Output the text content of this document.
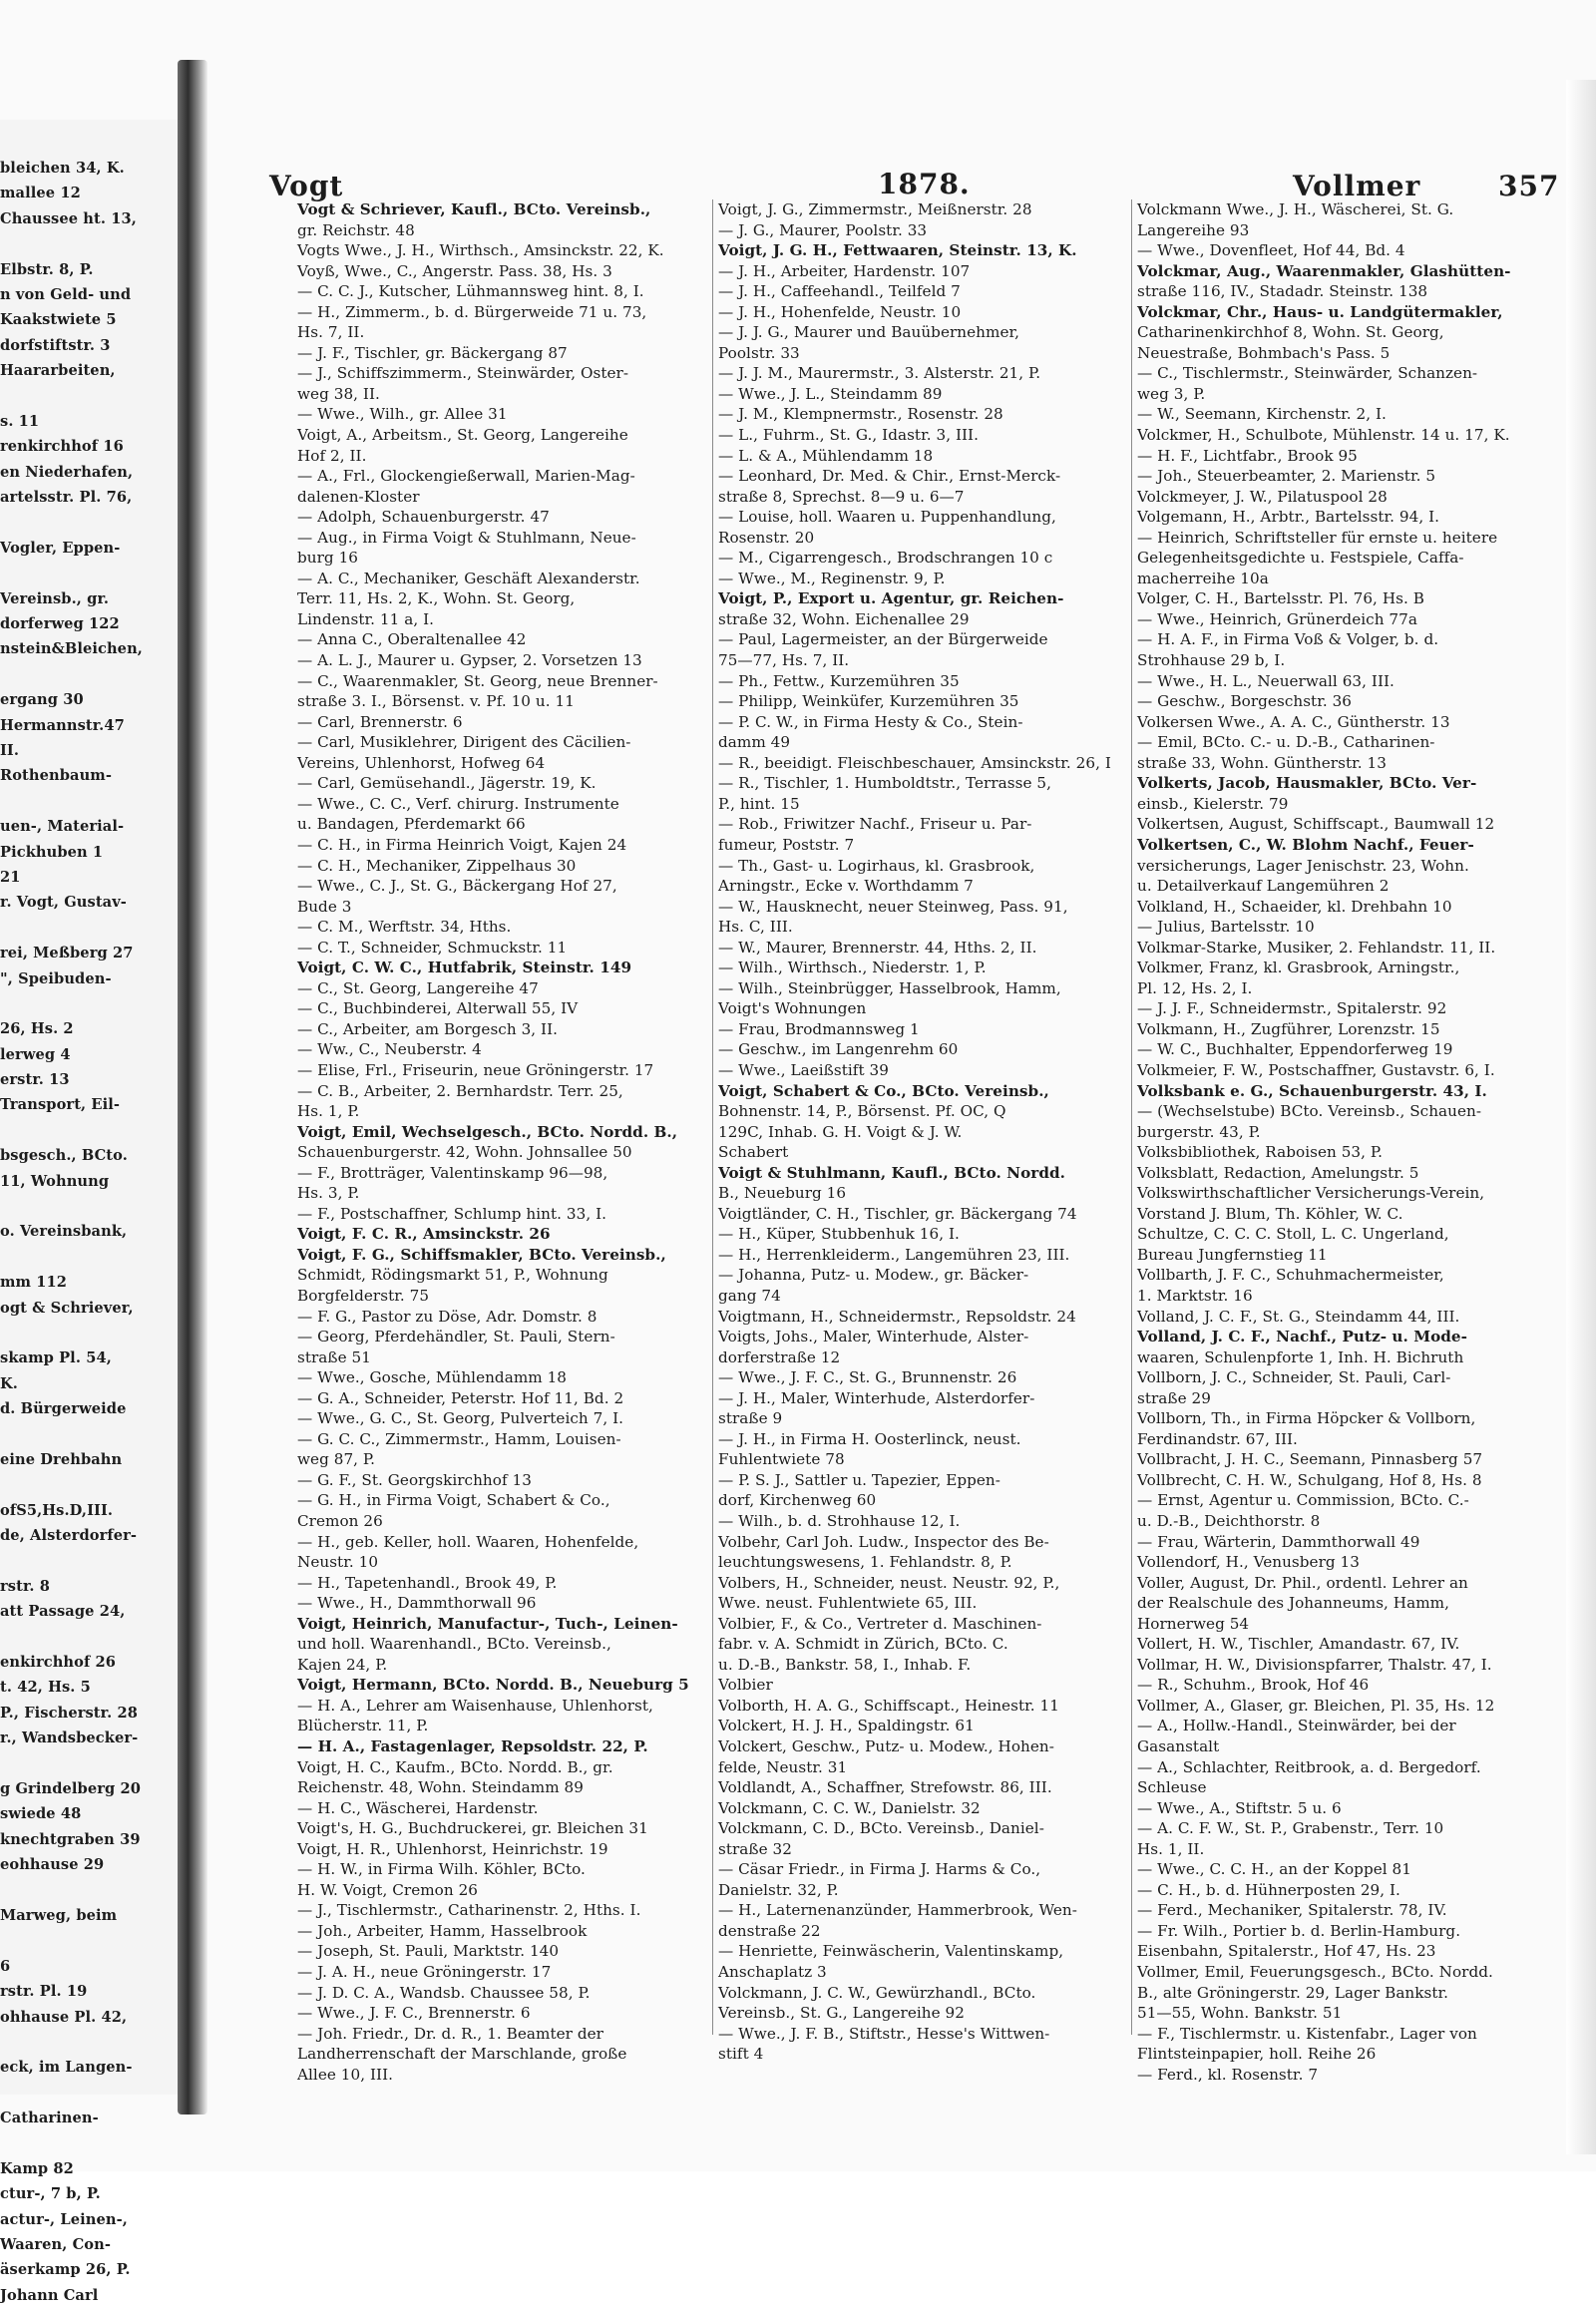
bleichen 34, K.
mallee 12
Chaussee ht. 13,
Elbstr. 8, P.
n von Geld- und
Kaakstwiete 5
dorfstiftstr. 3
Haararbeiten,
s. 11
renkirchhof 16
en Niederhafen,
artelsstr. Pl. 76,
Vogler, Eppen-
Vereinsb., gr.
dorferweg 122
nstein&Bleichen,
ergang 30
Hermannstr.47
II.
Rothenbaum-
uen-, Material-
Pickhuben 1
21
r. Vogt, Gustav-
rei, Meßberg 27
", Speibuden-
26, Hs. 2
lerweg 4
erstr. 13
Transport, Eil-
bsgesch., BCto.
11, Wohnung
o. Vereinsbank,
mm 112
ogt & Schriever,
skamp Pl. 54,
K.
d. Bürgerweide
eine Drehbahn
ofS5,Hs.D,III.
de, Alsterdorfer-
rstr. 8
att Passage 24,
enkirchhof 26
t. 42, Hs. 5
P., Fischerstr. 28
r., Wandsbecker-
g Grindelberg 20
swiede 48
knechtgraben 39
eohhause 29
Marweg, beim
6
rstr. Pl. 19
ohhause Pl. 42,
eck, im Langen-
Catharinen-
Kamp 82
ctur-, 7 b, P.
actur-, Leinen-,
Waaren, Con-
äserkamp 26, P.
Johann Carl
Vogt	1878.	Vollmer	357
Vogt & Schriever, Kaufl., BCto. Vereinsb.,
gr. Reichstr. 48
Vogts Wwe., J. H., Wirthsch., Amsinckstr. 22, K.
Voyß, Wwe., C., Angerstr. Pass. 38, Hs. 3
— C. C. J., Kutscher, Lühmannsweg hint. 8, I.
— H., Zimmerm., b. d. Bürgerweide 71 u. 73,
Hs. 7, II.
— J. F., Tischler, gr. Bäckergang 87
— J., Schiffszimmerm., Steinwärder, Oster-
weg 38, II.
— Wwe., Wilh., gr. Allee 31
Voigt, A., Arbeitsm., St. Georg, Langereihe
Hof 2, II.
— A., Frl., Glockengießerwall, Marien-Mag-
dalenen-Kloster
— Adolph, Schauenburgerstr. 47
— Aug., in Firma Voigt & Stuhlmann, Neue-
burg 16
— A. C., Mechaniker, Geschäft Alexanderstr.
Terr. 11, Hs. 2, K., Wohn. St. Georg,
Lindenstr. 11 a, I.
— Anna C., Oberaltenallee 42
— A. L. J., Maurer u. Gypser, 2. Vorsetzen 13
— C., Waarenmakler, St. Georg, neue Brenner-
straße 3. I., Börsenst. v. Pf. 10 u. 11
— Carl, Brennerstr. 6
— Carl, Musiklehrer, Dirigent des Cäcilien-
Vereins, Uhlenhorst, Hofweg 64
— Carl, Gemüsehandl., Jägerstr. 19, K.
— Wwe., C. C., Verf. chirurg. Instrumente
u. Bandagen, Pferdemarkt 66
— C. H., in Firma Heinrich Voigt, Kajen 24
— C. H., Mechaniker, Zippelhaus 30
— Wwe., C. J., St. G., Bäckergang Hof 27,
Bude 3
— C. M., Werftstr. 34, Hths.
— C. T., Schneider, Schmuckstr. 11
Voigt, C. W. C., Hutfabrik, Steinstr. 149
— C., St. Georg, Langereihe 47
— C., Buchbinderei, Alterwall 55, IV
— C., Arbeiter, am Borgesch 3, II.
— Ww., C., Neuberstr. 4
— Elise, Frl., Friseurin, neue Gröningerstr. 17
— C. B., Arbeiter, 2. Bernhardstr. Terr. 25,
Hs. 1, P.
Voigt, Emil, Wechselgesch., BCto. Nordd. B.,
Schauenburgerstr. 42, Wohn. Johnsallee 50
— F., Brotträger, Valentinskamp 96—98,
Hs. 3, P.
— F., Postschaffner, Schlump hint. 33, I.
Voigt, F. C. R., Amsinckstr. 26
Voigt, F. G., Schiffsmakler, BCto. Vereinsb.,
Schmidt, Rödingsmarkt 51, P., Wohnung
Borgfelderstr. 75
— F. G., Pastor zu Döse, Adr. Domstr. 8
— Georg, Pferdehändler, St. Pauli, Stern-
straße 51
— Wwe., Gosche, Mühlendamm 18
— G. A., Schneider, Peterstr. Hof 11, Bd. 2
— Wwe., G. C., St. Georg, Pulverteich 7, I.
— G. C. C., Zimmermstr., Hamm, Louisen-
weg 87, P.
— G. F., St. Georgskirchhof 13
— G. H., in Firma Voigt, Schabert & Co.,
Cremon 26
— H., geb. Keller, holl. Waaren, Hohenfelde,
Neustr. 10
— H., Tapetenhandl., Brook 49, P.
— Wwe., H., Dammthorwall 96
Voigt, Heinrich, Manufactur-, Tuch-, Leinen-
und holl. Waarenhandl., BCto. Vereinsb.,
Kajen 24, P.
Voigt, Hermann, BCto. Nordd. B., Neueburg 5
— H. A., Lehrer am Waisenhause, Uhlenhorst,
Blücherstr. 11, P.
— H. A., Fastagenlager, Repsoldstr. 22, P.
Voigt, H. C., Kaufm., BCto. Nordd. B., gr.
Reichenstr. 48, Wohn. Steindamm 89
— H. C., Wäscherei, Hardenstr.
Voigt's, H. G., Buchdruckerei, gr. Bleichen 31
Voigt, H. R., Uhlenhorst, Heinrichstr. 19
— H. W., in Firma Wilh. Köhler, BCto.
H. W. Voigt, Cremon 26
— J., Tischlermstr., Catharinenstr. 2, Hths. I.
— Joh., Arbeiter, Hamm, Hasselbrook
— Joseph, St. Pauli, Marktstr. 140
— J. A. H., neue Gröningerstr. 17
— J. D. C. A., Wandsb. Chaussee 58, P.
— Wwe., J. F. C., Brennerstr. 6
— Joh. Friedr., Dr. d. R., 1. Beamter der
Landherrenschaft der Marschlande, große
Allee 10, III.
Voigt, J. G., Zimmermstr., Meißnerstr. 28
— J. G., Maurer, Poolstr. 33
Voigt, J. G. H., Fettwaaren, Steinstr. 13, K.
— J. H., Arbeiter, Hardenstr. 107
— J. H., Caffeehandl., Teilfeld 7
— J. H., Hohenfelde, Neustr. 10
— J. J. G., Maurer und Bauübernehmer,
Poolstr. 33
— J. J. M., Maurermstr., 3. Alsterstr. 21, P.
— Wwe., J. L., Steindamm 89
— J. M., Klempnermstr., Rosenstr. 28
— L., Fuhrm., St. G., Idastr. 3, III.
— L. & A., Mühlendamm 18
— Leonhard, Dr. Med. & Chir., Ernst-Merck-
straße 8, Sprechst. 8—9 u. 6—7
— Louise, holl. Waaren u. Puppenhandlung,
Rosenstr. 20
— M., Cigarrengesch., Brodschrangen 10 c
— Wwe., M., Reginenstr. 9, P.
Voigt, P., Export u. Agentur, gr. Reichen-
straße 32, Wohn. Eichenallee 29
— Paul, Lagermeister, an der Bürgerweide
75—77, Hs. 7, II.
— Ph., Fettw., Kurzemühren 35
— Philipp, Weinküfer, Kurzemühren 35
— P. C. W., in Firma Hesty & Co., Stein-
damm 49
— R., beeidigt. Fleischbeschauer, Amsinckstr. 26, I
— R., Tischler, 1. Humboldtstr., Terrasse 5,
P., hint. 15
— Rob., Friwitzer Nachf., Friseur u. Par-
fumeur, Poststr. 7
— Th., Gast- u. Logirhaus, kl. Grasbrook,
Arningstr., Ecke v. Worthdamm 7
— W., Hausknecht, neuer Steinweg, Pass. 91,
Hs. C, III.
— W., Maurer, Brennerstr. 44, Hths. 2, II.
— Wilh., Wirthsch., Niederstr. 1, P.
— Wilh., Steinbrügger, Hasselbrook, Hamm,
Voigt's Wohnungen
— Frau, Brodmannsweg 1
— Geschw., im Langenrehm 60
— Wwe., Laeißstift 39
Voigt, Schabert & Co., BCto. Vereinsb.,
Bohnenstr. 14, P., Börsenst. Pf. OC, Q
129C, Inhab. G. H. Voigt & J. W.
Schabert
Voigt & Stuhlmann, Kaufl., BCto. Nordd.
B., Neueburg 16
Voigtländer, C. H., Tischler, gr. Bäckergang 74
— H., Küper, Stubbenhuk 16, I.
— H., Herrenkleiderm., Langemühren 23, III.
— Johanna, Putz- u. Modew., gr. Bäcker-
gang 74
Voigtmann, H., Schneidermstr., Repsoldstr. 24
Voigts, Johs., Maler, Winterhude, Alster-
dorferstraße 12
— Wwe., J. F. C., St. G., Brunnenstr. 26
— J. H., Maler, Winterhude, Alsterdorfer-
straße 9
— J. H., in Firma H. Oosterlinck, neust.
Fuhlentwiete 78
— P. S. J., Sattler u. Tapezier, Eppen-
dorf, Kirchenweg 60
— Wilh., b. d. Strohhause 12, I.
Volbehr, Carl Joh. Ludw., Inspector des Be-
leuchtungswesens, 1. Fehlandstr. 8, P.
Volbers, H., Schneider, neust. Neustr. 92, P.,
Wwe. neust. Fuhlentwiete 65, III.
Volbier, F., & Co., Vertreter d. Maschinen-
fabr. v. A. Schmidt in Zürich, BCto. C.
u. D.-B., Bankstr. 58, I., Inhab. F.
Volbier
Volborth, H. A. G., Schiffscapt., Heinestr. 11
Volckert, H. J. H., Spaldingstr. 61
Volckert, Geschw., Putz- u. Modew., Hohen-
felde, Neustr. 31
Voldlandt, A., Schaffner, Strefowstr. 86, III.
Volckmann, C. C. W., Danielstr. 32
Volckmann, C. D., BCto. Vereinsb., Daniel-
straße 32
— Cäsar Friedr., in Firma J. Harms & Co.,
Danielstr. 32, P.
— H., Laternenanzünder, Hammerbrook, Wen-
denstraße 22
— Henriette, Feinwäscherin, Valentinskamp,
Anschaplatz 3
Volckmann, J. C. W., Gewürzhandl., BCto.
Vereinsb., St. G., Langereihe 92
— Wwe., J. F. B., Stiftstr., Hesse's Wittwen-
stift 4
Volckmann Wwe., J. H., Wäscherei, St. G.
Langereihe 93
— Wwe., Dovenfleet, Hof 44, Bd. 4
Volckmar, Aug., Waarenmakler, Glashütten-
straße 116, IV., Stadadr. Steinstr. 138
Volckmar, Chr., Haus- u. Landgütermakler,
Catharinenkirchhof 8, Wohn. St. Georg,
Neuestraße, Bohmbach's Pass. 5
— C., Tischlermstr., Steinwärder, Schanzen-
weg 3, P.
— W., Seemann, Kirchenstr. 2, I.
Volckmer, H., Schulbote, Mühlenstr. 14 u. 17, K.
— H. F., Lichtfabr., Brook 95
— Joh., Steuerbeamter, 2. Marienstr. 5
Volckmeyer, J. W., Pilatuspool 28
Volgemann, H., Arbtr., Bartelsstr. 94, I.
— Heinrich, Schriftsteller für ernste u. heitere
Gelegenheitsgedichte u. Festspiele, Caffa-
macherreihe 10a
Volger, C. H., Bartelsstr. Pl. 76, Hs. B
— Wwe., Heinrich, Grünerdeich 77a
— H. A. F., in Firma Voß & Volger, b. d.
Strohhause 29 b, I.
— Wwe., H. L., Neuerwall 63, III.
— Geschw., Borgeschstr. 36
Volkersen Wwe., A. A. C., Güntherstr. 13
— Emil, BCto. C.- u. D.-B., Catharinen-
straße 33, Wohn. Güntherstr. 13
Volkerts, Jacob, Hausmakler, BCto. Ver-
einsb., Kielerstr. 79
Volkertsen, August, Schiffscapt., Baumwall 12
Volkertsen, C., W. Blohm Nachf., Feuer-
versicherungs, Lager Jenischstr. 23, Wohn.
u. Detailverkauf Langemühren 2
Volkland, H., Schaeider, kl. Drehbahn 10
— Julius, Bartelsstr. 10
Volkmar-Starke, Musiker, 2. Fehlandstr. 11, II.
Volkmer, Franz, kl. Grasbrook, Arningstr.,
Pl. 12, Hs. 2, I.
— J. J. F., Schneidermstr., Spitalerstr. 92
Volkmann, H., Zugführer, Lorenzstr. 15
— W. C., Buchhalter, Eppendorferweg 19
Volkmeier, F. W., Postschaffner, Gustavstr. 6, I.
Volksbank e. G., Schauenburgerstr. 43, I.
— (Wechselstube) BCto. Vereinsb., Schauen-
burgerstr. 43, P.
Volksbibliothek, Raboisen 53, P.
Volksblatt, Redaction, Amelungstr. 5
Volkswirthschaftlicher Versicherungs-Verein,
Vorstand J. Blum, Th. Köhler, W. C.
Schultze, C. C. C. Stoll, L. C. Ungerland,
Bureau Jungfernstieg 11
Vollbarth, J. F. C., Schuhmachermeister,
1. Marktstr. 16
Volland, J. C. F., St. G., Steindamm 44, III.
Volland, J. C. F., Nachf., Putz- u. Mode-
waaren, Schulenpforte 1, Inh. H. Bichruth
Vollborn, J. C., Schneider, St. Pauli, Carl-
straße 29
Vollborn, Th., in Firma Höpcker & Vollborn,
Ferdinandstr. 67, III.
Vollbracht, J. H. C., Seemann, Pinnasberg 57
Vollbrecht, C. H. W., Schulgang, Hof 8, Hs. 8
— Ernst, Agentur u. Commission, BCto. C.-
u. D.-B., Deichthorstr. 8
— Frau, Wärterin, Dammthorwall 49
Vollendorf, H., Venusberg 13
Voller, August, Dr. Phil., ordentl. Lehrer an
der Realschule des Johanneums, Hamm,
Hornerweg 54
Vollert, H. W., Tischler, Amandastr. 67, IV.
Vollmar, H. W., Divisionspfarrer, Thalstr. 47, I.
— R., Schuhm., Brook, Hof 46
Vollmer, A., Glaser, gr. Bleichen, Pl. 35, Hs. 12
— A., Hollw.-Handl., Steinwärder, bei der
Gasanstalt
— A., Schlachter, Reitbrook, a. d. Bergedorf.
Schleuse
— Wwe., A., Stiftstr. 5 u. 6
— A. C. F. W., St. P., Grabenstr., Terr. 10
Hs. 1, II.
— Wwe., C. C. H., an der Koppel 81
— C. H., b. d. Hühnerposten 29, I.
— Ferd., Mechaniker, Spitalerstr. 78, IV.
— Fr. Wilh., Portier b. d. Berlin-Hamburg.
Eisenbahn, Spitalerstr., Hof 47, Hs. 23
Vollmer, Emil, Feuerungsgesch., BCto. Nordd.
B., alte Gröningerstr. 29, Lager Bankstr.
51—55, Wohn. Bankstr. 51
— F., Tischlermstr. u. Kistenfabr., Lager von
Flintsteinpapier, holl. Reihe 26
— Ferd., kl. Rosenstr. 7
